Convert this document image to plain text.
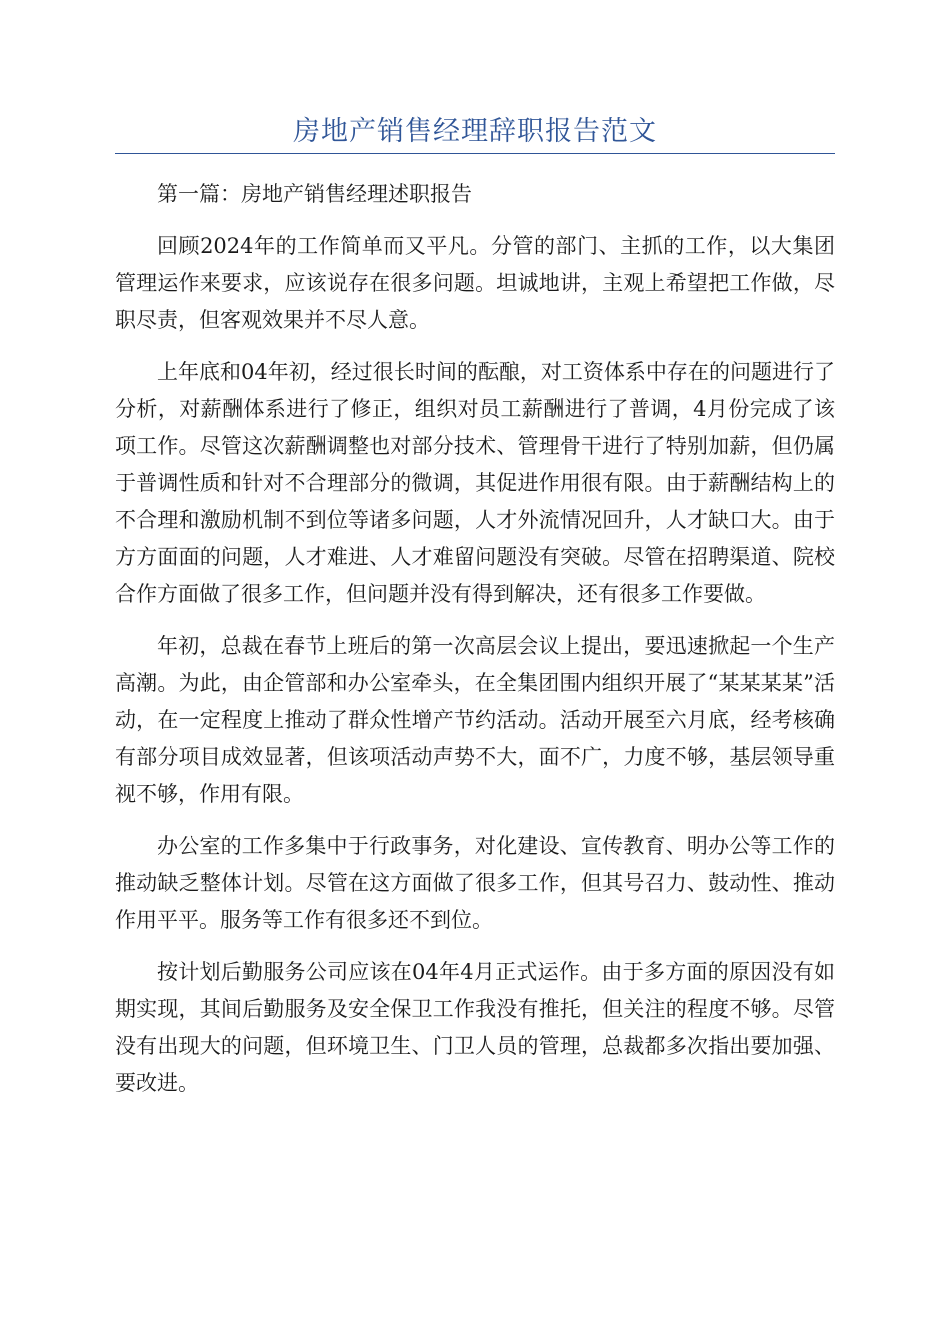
房地产销售经理辞职报告范文

第一篇：房地产销售经理述职报告

回顾2024年的工作简单而又平凡。分管的部门、主抓的工作，以大集团管理运作来要求，应该说存在很多问题。坦诚地讲，主观上希望把工作做，尽职尽责，但客观效果并不尽人意。

上年底和04年初，经过很长时间的酝酿，对工资体系中存在的问题进行了分析，对薪酬体系进行了修正，组织对员工薪酬进行了普调，4月份完成了该项工作。尽管这次薪酬调整也对部分技术、管理骨干进行了特别加薪，但仍属于普调性质和针对不合理部分的微调，其促进作用很有限。由于薪酬结构上的不合理和激励机制不到位等诸多问题，人才外流情况回升，人才缺口大。由于方方面面的问题，人才难进、人才难留问题没有突破。尽管在招聘渠道、院校合作方面做了很多工作，但问题并没有得到解决，还有很多工作要做。

年初，总裁在春节上班后的第一次高层会议上提出，要迅速掀起一个生产高潮。为此，由企管部和办公室牵头，在全集团围内组织开展了“某某某某”活动，在一定程度上推动了群众性增产节约活动。活动开展至六月底，经考核确有部分项目成效显著，但该项活动声势不大，面不广，力度不够，基层领导重视不够，作用有限。

办公室的工作多集中于行政事务，对化建设、宣传教育、明办公等工作的推动缺乏整体计划。尽管在这方面做了很多工作，但其号召力、鼓动性、推动作用平平。服务等工作有很多还不到位。

按计划后勤服务公司应该在04年4月正式运作。由于多方面的原因没有如期实现，其间后勤服务及安全保卫工作我没有推托，但关注的程度不够。尽管没有出现大的问题，但环境卫生、门卫人员的管理，总裁都多次指出要加强、要改进。
